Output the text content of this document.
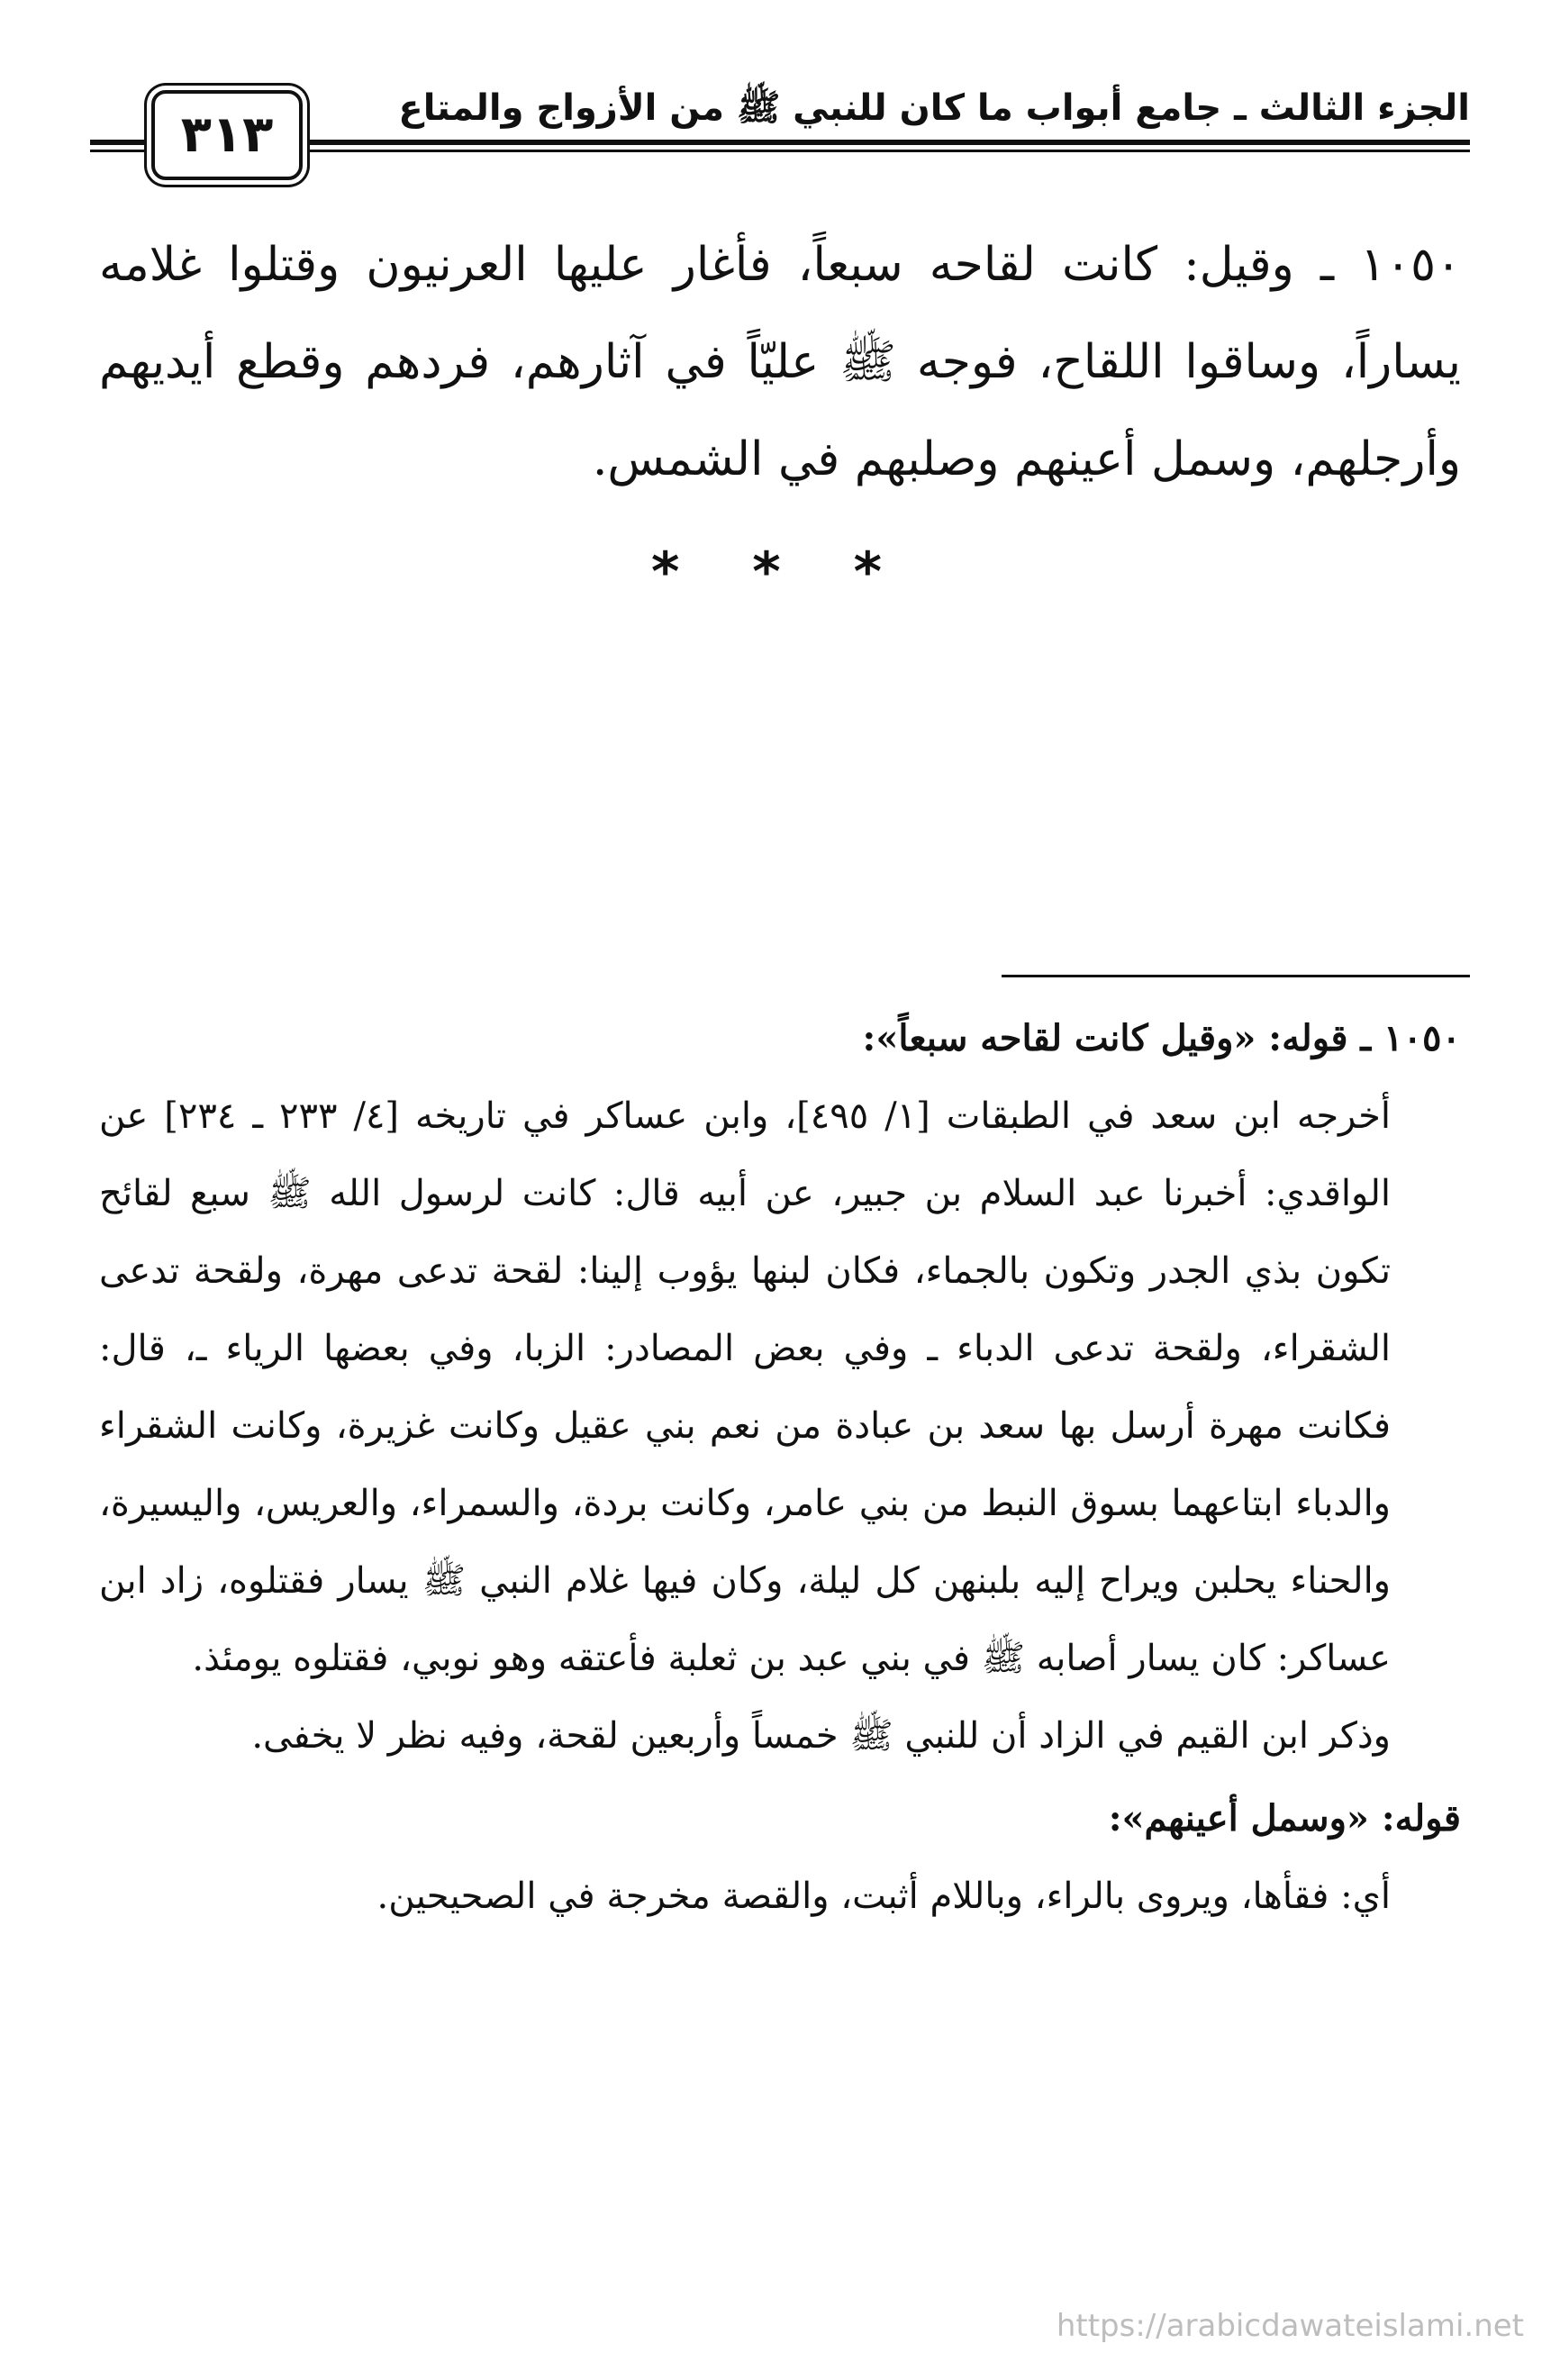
الجزء الثالث ـ جامع أبواب ما كان للنبي ﷺ من الأزواج والمتاع
٣١٣

١٠٥٠ ـ وقيل: كانت لقاحه سبعاً، فأغار عليها العرنيون وقتلوا غلامه يساراً، وساقوا اللقاح، فوجه ﷺ عليّاً في آثارهم، فردهم وقطع أيديهم وأرجلهم، وسمل أعينهم وصلبهم في الشمس.

* * *

١٠٥٠ ـ قوله: «وقيل كانت لقاحه سبعاً»:

أخرجه ابن سعد في الطبقات [١/ ٤٩٥]، وابن عساكر في تاريخه [٤/ ٢٣٣ ـ ٢٣٤] عن الواقدي: أخبرنا عبد السلام بن جبير، عن أبيه قال: كانت لرسول الله ﷺ سبع لقائح تكون بذي الجدر وتكون بالجماء، فكان لبنها يؤوب إلينا: لقحة تدعى مهرة، ولقحة تدعى الشقراء، ولقحة تدعى الدباء ـ وفي بعض المصادر: الزبا، وفي بعضها الرياء ـ، قال: فكانت مهرة أرسل بها سعد بن عبادة من نعم بني عقيل وكانت غزيرة، وكانت الشقراء والدباء ابتاعهما بسوق النبط من بني عامر، وكانت بردة، والسمراء، والعريس، واليسيرة، والحناء يحلبن ويراح إليه بلبنهن كل ليلة، وكان فيها غلام النبي ﷺ يسار فقتلوه، زاد ابن عساكر: كان يسار أصابه ﷺ في بني عبد بن ثعلبة فأعتقه وهو نوبي، فقتلوه يومئذ.

وذكر ابن القيم في الزاد أن للنبي ﷺ خمساً وأربعين لقحة، وفيه نظر لا يخفى.

قوله: «وسمل أعينهم»:

أي: فقأها، ويروى بالراء، وباللام أثبت، والقصة مخرجة في الصحيحين.

https://arabicdawateislami.net
